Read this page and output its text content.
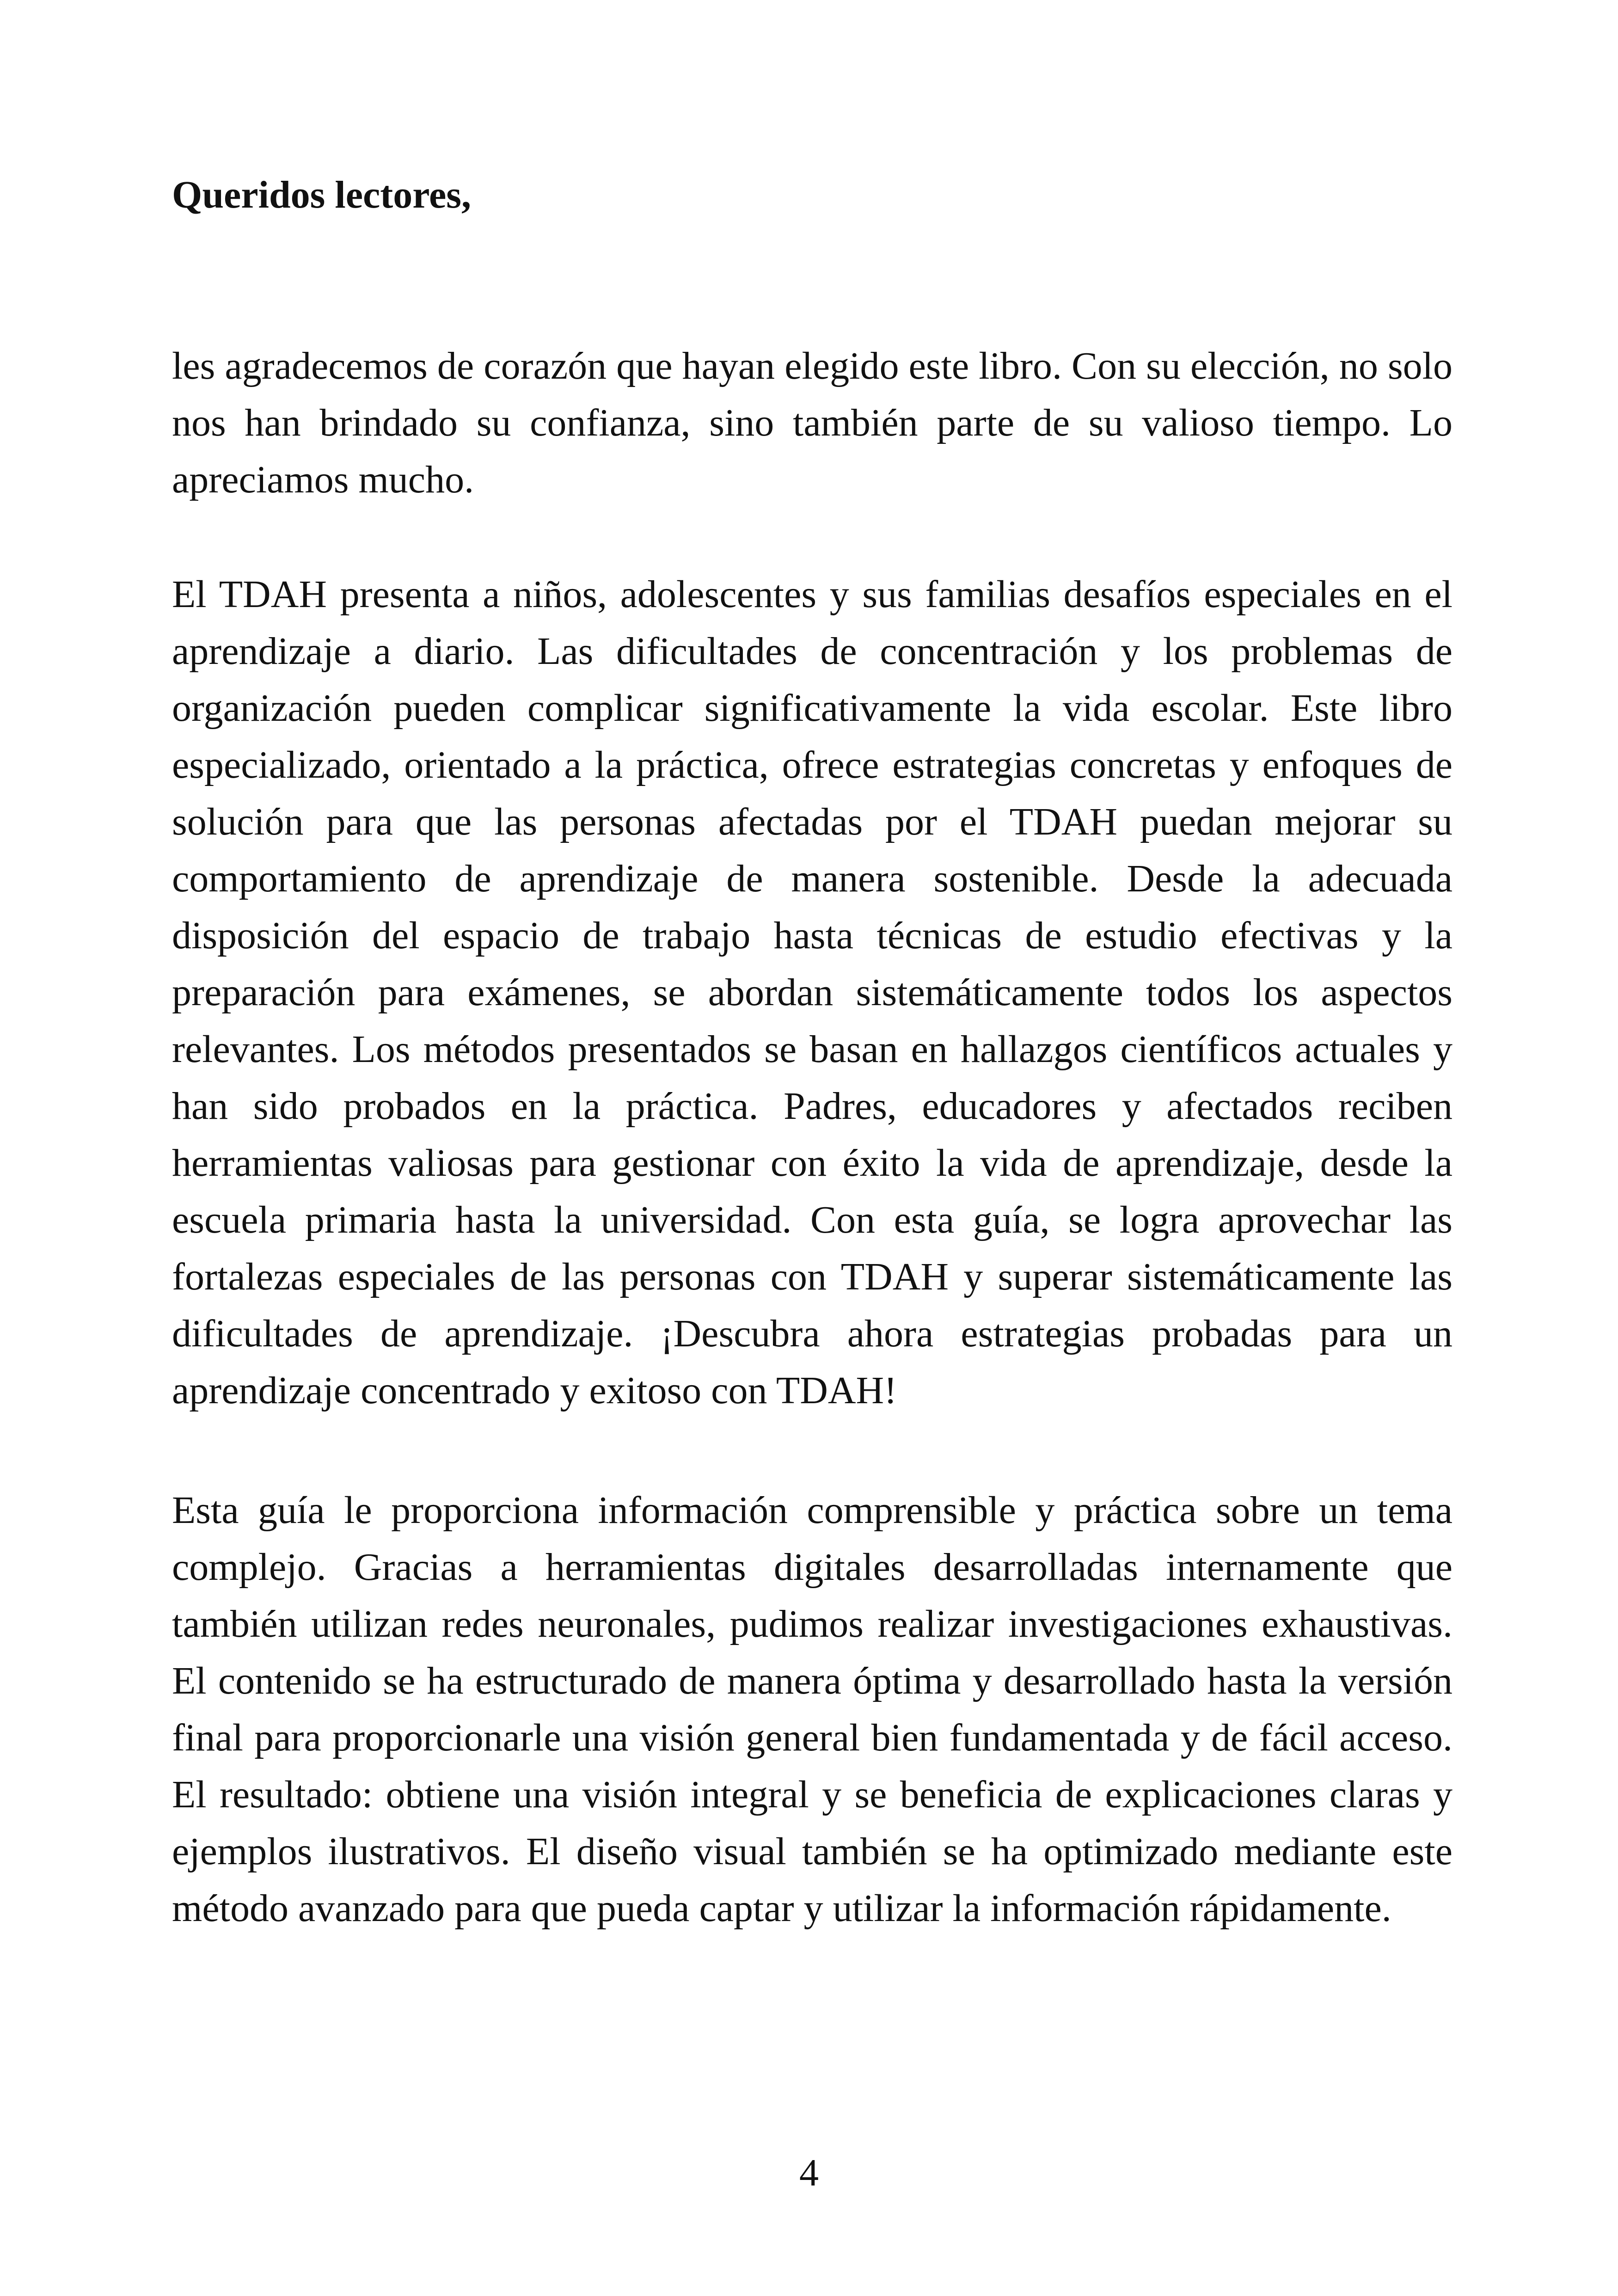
Queridos lectores,

les agradecemos de corazón que hayan elegido este libro. Con su elección, no solo nos han brindado su confianza, sino también parte de su valioso tiempo. Lo apreciamos mucho.

El TDAH presenta a niños, adolescentes y sus familias desafíos especiales en el aprendizaje a diario. Las dificultades de concentración y los problemas de organización pueden complicar significativamente la vida escolar. Este libro especializado, orientado a la práctica, ofrece estrategias concretas y enfoques de solución para que las personas afectadas por el TDAH puedan mejorar su comportamiento de aprendizaje de manera sostenible. Desde la adecuada disposición del espacio de trabajo hasta técnicas de estudio efectivas y la preparación para exámenes, se abordan sistemáticamente todos los aspectos relevantes. Los métodos presentados se basan en hallazgos científicos actuales y han sido probados en la práctica. Padres, educadores y afectados reciben herramientas valiosas para gestionar con éxito la vida de aprendizaje, desde la escuela primaria hasta la universidad. Con esta guía, se logra aprovechar las fortalezas especiales de las personas con TDAH y superar sistemáticamente las dificultades de aprendizaje. ¡Descubra ahora estrategias probadas para un aprendizaje concentrado y exitoso con TDAH!

Esta guía le proporciona información comprensible y práctica sobre un tema complejo. Gracias a herramientas digitales desarrolladas internamente que también utilizan redes neuronales, pudimos realizar investigaciones exhaustivas. El contenido se ha estructurado de manera óptima y desarrollado hasta la versión final para proporcionarle una visión general bien fundamentada y de fácil acceso. El resultado: obtiene una visión integral y se beneficia de explicaciones claras y ejemplos ilustrativos. El diseño visual también se ha optimizado mediante este método avanzado para que pueda captar y utilizar la información rápidamente.

4
